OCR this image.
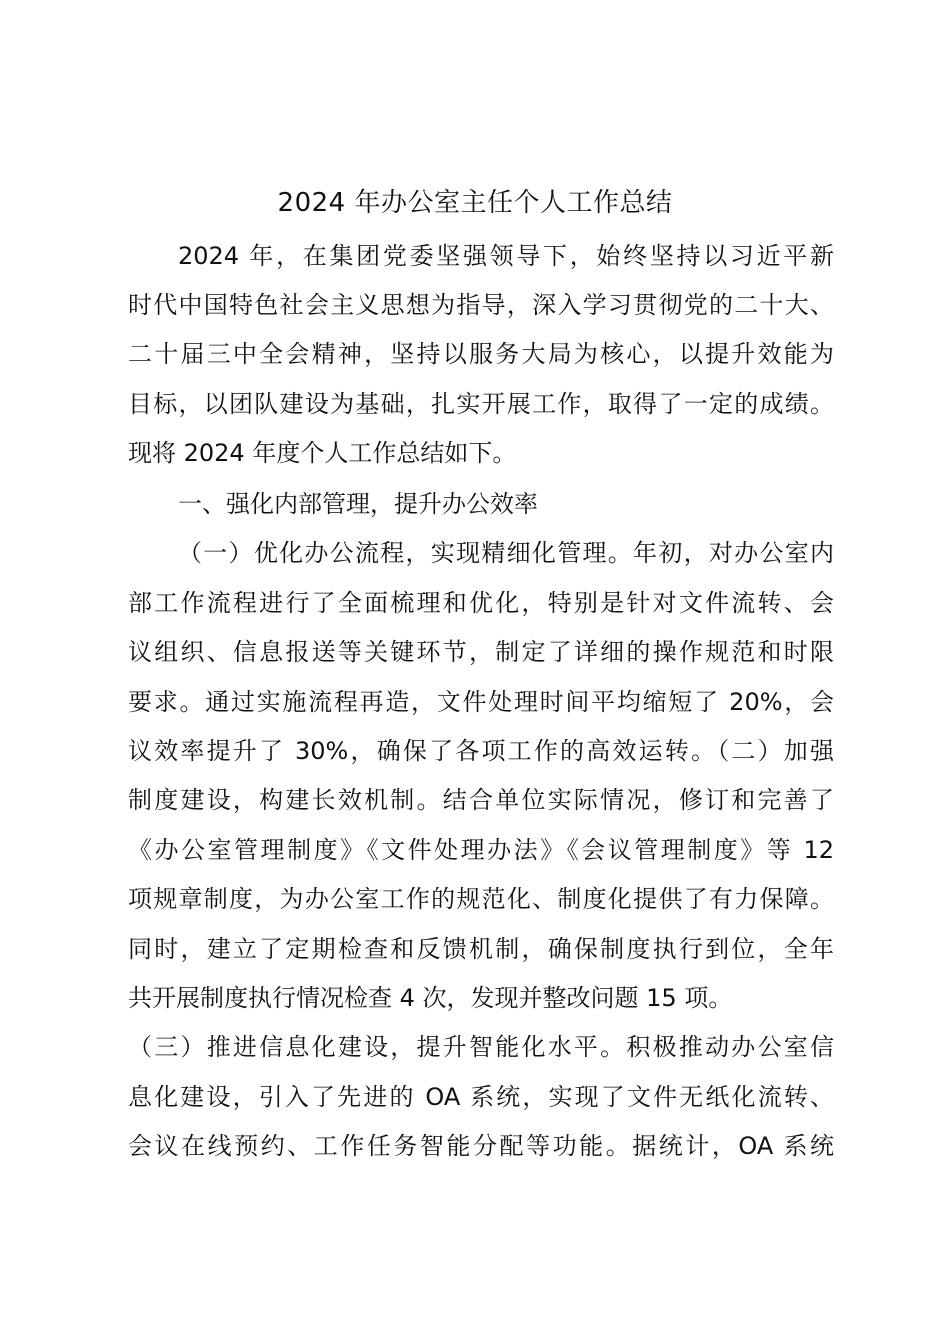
2024 年办公室主任个人工作总结

2024 年，在集团党委坚强领导下，始终坚持以习近平新

时代中国特色社会主义思想为指导，深入学习贯彻党的二十大、

二十届三中全会精神，坚持以服务大局为核心，以提升效能为

目标，以团队建设为基础，扎实开展工作，取得了一定的成绩。

现将 2024 年度个人工作总结如下。

一、强化内部管理，提升办公效率

（一）优化办公流程，实现精细化管理。年初，对办公室内

部工作流程进行了全面梳理和优化，特别是针对文件流转、会

议组织、信息报送等关键环节，制定了详细的操作规范和时限

要求。通过实施流程再造，文件处理时间平均缩短了 20%，会

议效率提升了 30%，确保了各项工作的高效运转。（二）加强

制度建设，构建长效机制。结合单位实际情况，修订和完善了

《办公室管理制度》《文件处理办法》《会议管理制度》等 12

项规章制度，为办公室工作的规范化、制度化提供了有力保障。

同时，建立了定期检查和反馈机制，确保制度执行到位，全年

共开展制度执行情况检查 4 次，发现并整改问题 15 项。

（三）推进信息化建设，提升智能化水平。积极推动办公室信

息化建设，引入了先进的 OA 系统，实现了文件无纸化流转、

会议在线预约、工作任务智能分配等功能。据统计，OA 系统
